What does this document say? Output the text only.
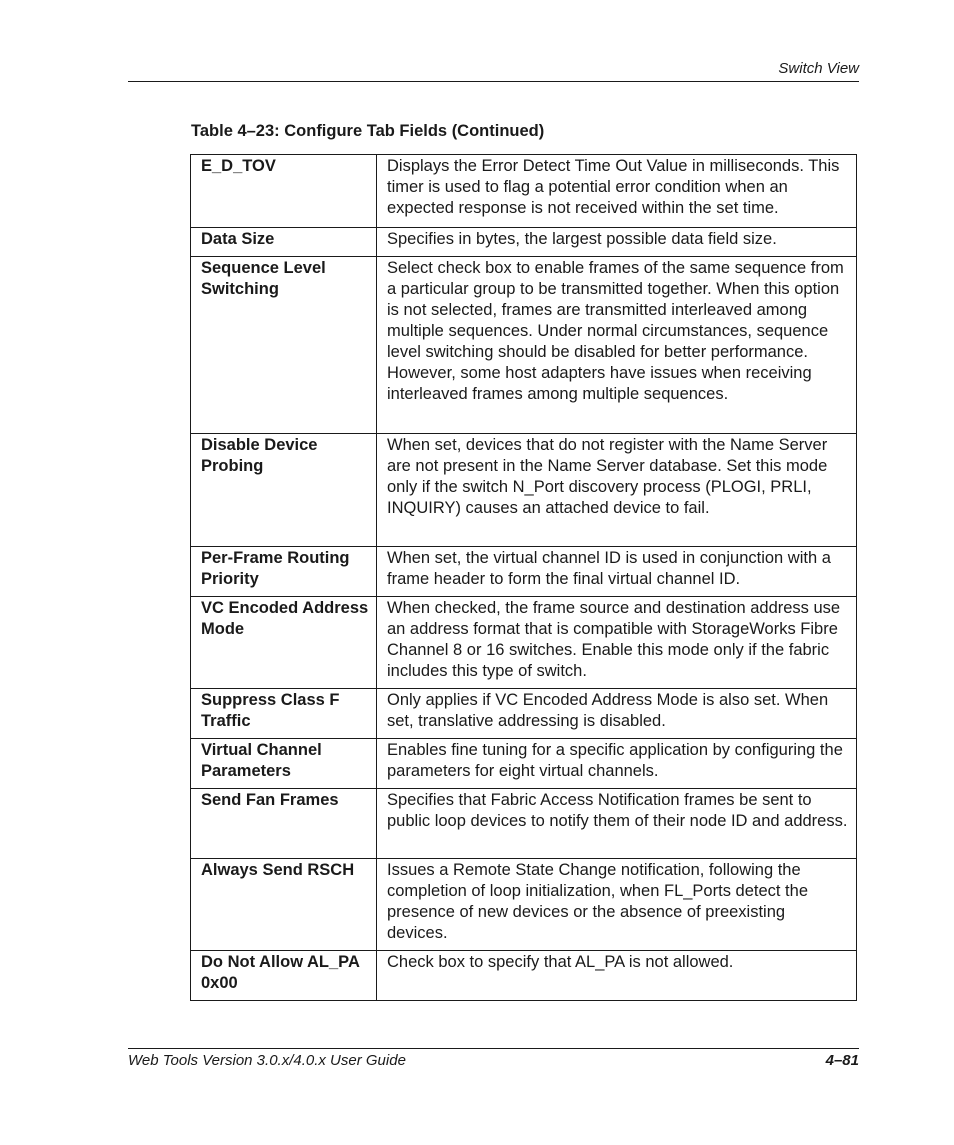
Switch View
Table 4–23: Configure Tab Fields (Continued)
E_D_TOV	Displays the Error Detect Time Out Value in milliseconds. This timer is used to flag a potential error condition when an expected response is not received within the set time.
Data Size	Specifies in bytes, the largest possible data field size.
Sequence Level Switching	Select check box to enable frames of the same sequence from a particular group to be transmitted together. When this option is not selected, frames are transmitted interleaved among multiple sequences. Under normal circumstances, sequence level switching should be disabled for better performance. However, some host adapters have issues when receiving interleaved frames among multiple sequences.
Disable Device Probing	When set, devices that do not register with the Name Server are not present in the Name Server database. Set this mode only if the switch N_Port discovery process (PLOGI, PRLI, INQUIRY) causes an attached device to fail.
Per-Frame Routing Priority	When set, the virtual channel ID is used in conjunction with a frame header to form the final virtual channel ID.
VC Encoded Address Mode	When checked, the frame source and destination address use an address format that is compatible with StorageWorks Fibre Channel 8 or 16 switches. Enable this mode only if the fabric includes this type of switch.
Suppress Class F Traffic	Only applies if VC Encoded Address Mode is also set. When set, translative addressing is disabled.
Virtual Channel Parameters	Enables fine tuning for a specific application by configuring the parameters for eight virtual channels.
Send Fan Frames	Specifies that Fabric Access Notification frames be sent to public loop devices to notify them of their node ID and address.
Always Send RSCH	Issues a Remote State Change notification, following the completion of loop initialization, when FL_Ports detect the presence of new devices or the absence of preexisting devices.
Do Not Allow AL_PA 0x00	Check box to specify that AL_PA is not allowed.
Web Tools Version 3.0.x/4.0.x User Guide	4–81
